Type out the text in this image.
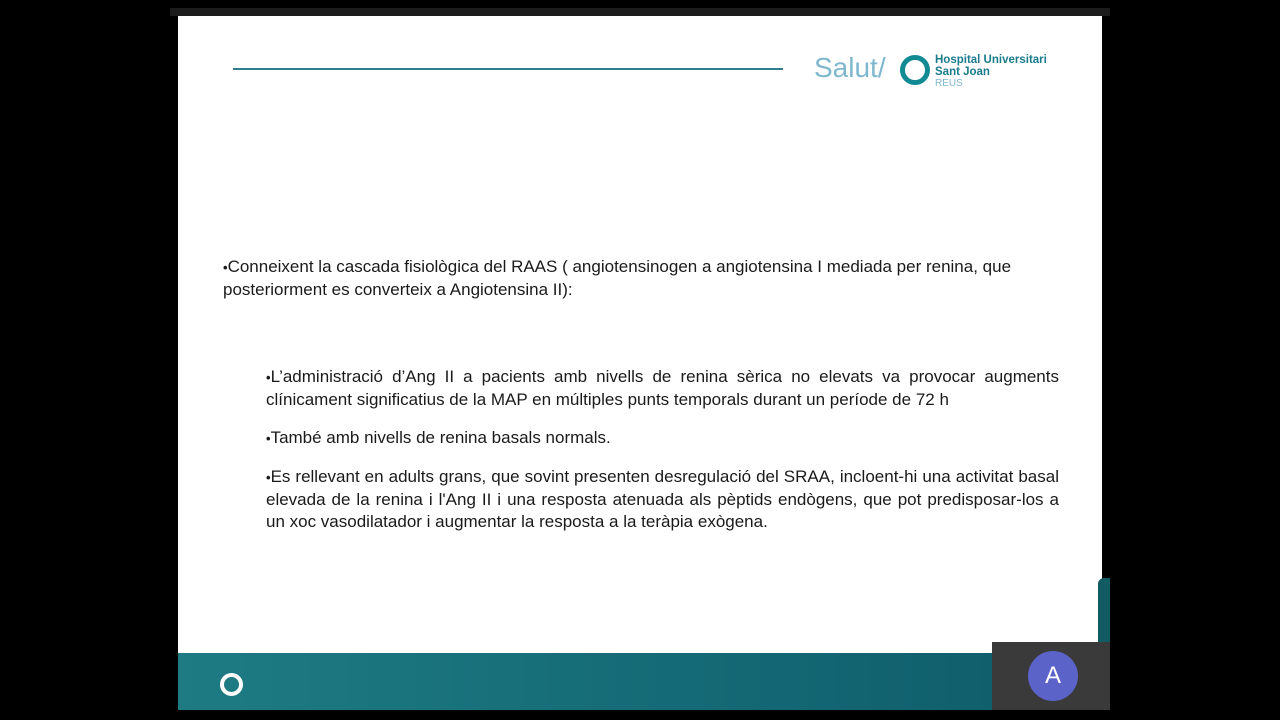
Salut/	Hospital Universitari
Sant Joan
REUS

•Conneixent la cascada fisiològica del RAAS ( angiotensinogen a angiotensina I mediada per renina, que posteriorment es converteix a Angiotensina II):

•L’administració d’Ang II a pacients amb nivells de renina sèrica no elevats va provocar augments clínicament significatius de la MAP en múltiples punts temporals durant un període de 72 h
•També amb nivells de renina basals normals.
•Es rellevant en adults grans, que sovint presenten desregulació del SRAA, incloent-hi una activitat basal elevada de la renina i l'Ang II i una resposta atenuada als pèptids endògens, que pot predisposar-los a un xoc vasodilatador i augmentar la resposta a la teràpia exògena.
A
